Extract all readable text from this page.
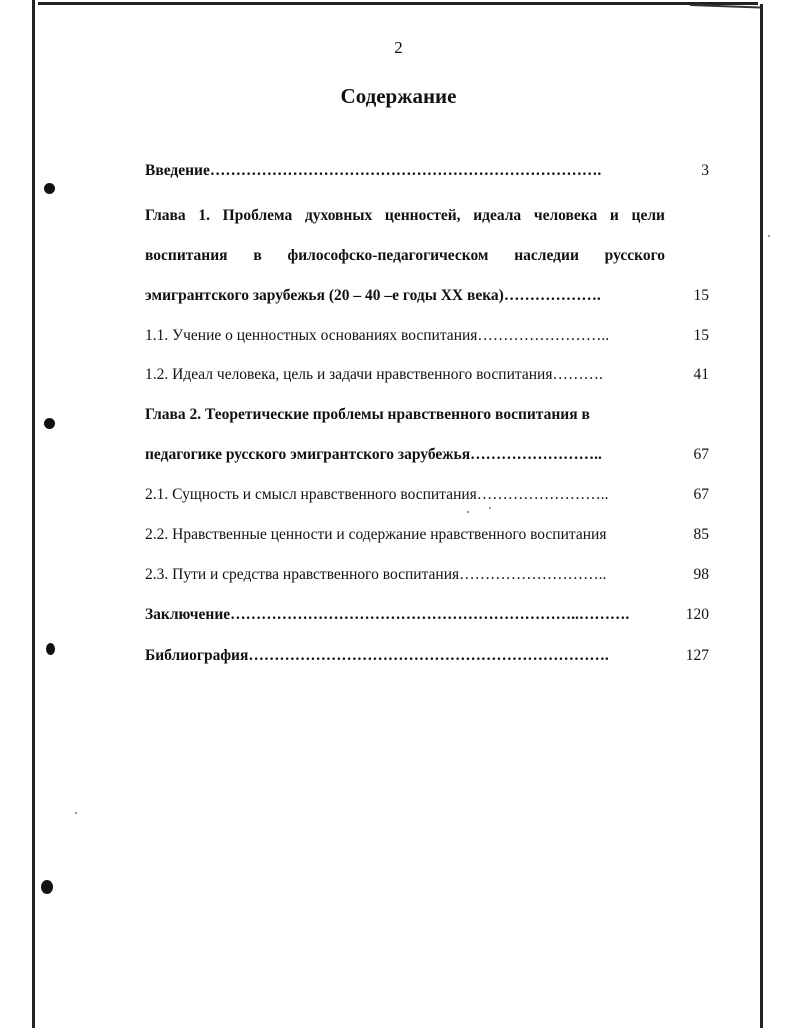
2
Содержание
Введение………………………………………………………………….	3
Глава 1. Проблема духовных ценностей, идеала человека и цели
воспитания в философско-педагогическом наследии русского
эмигрантского зарубежья (20 – 40 –е годы XX века)……………….	15
1.1. Учение о ценностных основаниях воспитания……………………..	15
1.2. Идеал человека, цель и задачи нравственного воспитания……….	41
Глава 2. Теоретические проблемы нравственного воспитания в
педагогике русского эмигрантского зарубежья……………………..	67
2.1. Сущность и смысл нравственного воспитания……………………..	67
2.2. Нравственные ценности и содержание нравственного воспитания	85
2.3. Пути и средства нравственного воспитания………………………..	98
Заключение…………………………………………………………..……….	120
Библиография…………………………………………………………….	127
